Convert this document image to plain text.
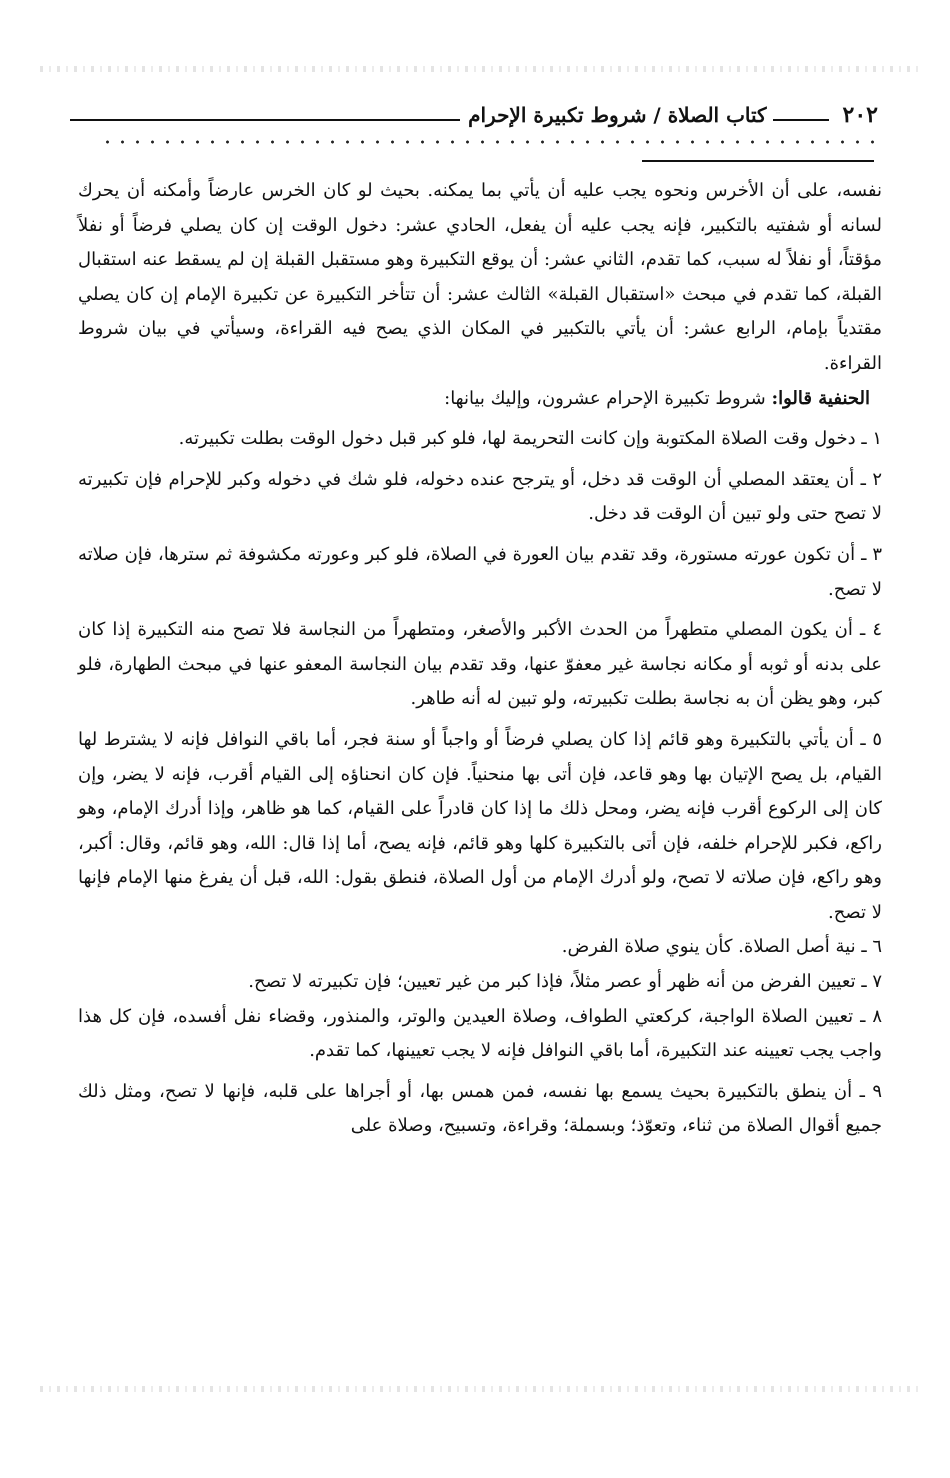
٢٠٢
كتاب الصلاة / شروط تكبيرة الإحرام

نفسه، على أن الأخرس ونحوه يجب عليه أن يأتي بما يمكنه. بحيث لو كان الخرس عارضاً وأمكنه أن يحرك لسانه أو شفتيه بالتكبير، فإنه يجب عليه أن يفعل، الحادي عشر: دخول الوقت إن كان يصلي فرضاً أو نفلاً مؤقتاً، أو نفلاً له سبب، كما تقدم، الثاني عشر: أن يوقع التكبيرة وهو مستقبل القبلة إن لم يسقط عنه استقبال القبلة، كما تقدم في مبحث «استقبال القبلة» الثالث عشر: أن تتأخر التكبيرة عن تكبيرة الإمام إن كان يصلي مقتدياً بإمام، الرابع عشر: أن يأتي بالتكبير في المكان الذي يصح فيه القراءة، وسيأتي في بيان شروط القراءة.

الحنفية قالوا: شروط تكبيرة الإحرام عشرون، وإليك بيانها:

١ ـ دخول وقت الصلاة المكتوبة وإن كانت التحريمة لها، فلو كبر قبل دخول الوقت بطلت تكبيرته.

٢ ـ أن يعتقد المصلي أن الوقت قد دخل، أو يترجح عنده دخوله، فلو شك في دخوله وكبر للإحرام فإن تكبيرته لا تصح حتى ولو تبين أن الوقت قد دخل.

٣ ـ أن تكون عورته مستورة، وقد تقدم بيان العورة في الصلاة، فلو كبر وعورته مكشوفة ثم سترها، فإن صلاته لا تصح.

٤ ـ أن يكون المصلي متطهراً من الحدث الأكبر والأصغر، ومتطهراً من النجاسة فلا تصح منه التكبيرة إذا كان على بدنه أو ثوبه أو مكانه نجاسة غير معفوّ عنها، وقد تقدم بيان النجاسة المعفو عنها في مبحث الطهارة، فلو كبر، وهو يظن أن به نجاسة بطلت تكبيرته، ولو تبين له أنه طاهر.

٥ ـ أن يأتي بالتكبيرة وهو قائم إذا كان يصلي فرضاً أو واجباً أو سنة فجر، أما باقي النوافل فإنه لا يشترط لها القيام، بل يصح الإتيان بها وهو قاعد، فإن أتى بها منحنياً. فإن كان انحناؤه إلى القيام أقرب، فإنه لا يضر، وإن كان إلى الركوع أقرب فإنه يضر، ومحل ذلك ما إذا كان قادراً على القيام، كما هو ظاهر، وإذا أدرك الإمام، وهو راكع، فكبر للإحرام خلفه، فإن أتى بالتكبيرة كلها وهو قائم، فإنه يصح، أما إذا قال: الله، وهو قائم، وقال: أكبر، وهو راكع، فإن صلاته لا تصح، ولو أدرك الإمام من أول الصلاة، فنطق بقول: الله، قبل أن يفرغ منها الإمام فإنها لا تصح.

٦ ـ نية أصل الصلاة. كأن ينوي صلاة الفرض.

٧ ـ تعيين الفرض من أنه ظهر أو عصر مثلاً، فإذا كبر من غير تعيين؛ فإن تكبيرته لا تصح.

٨ ـ تعيين الصلاة الواجبة، كركعتي الطواف، وصلاة العيدين والوتر، والمنذور، وقضاء نفل أفسده، فإن كل هذا واجب يجب تعيينه عند التكبيرة، أما باقي النوافل فإنه لا يجب تعيينها، كما تقدم.

٩ ـ أن ينطق بالتكبيرة بحيث يسمع بها نفسه، فمن همس بها، أو أجراها على قلبه، فإنها لا تصح، ومثل ذلك جميع أقوال الصلاة من ثناء، وتعوّذ؛ وبسملة؛ وقراءة، وتسبيح، وصلاة على
